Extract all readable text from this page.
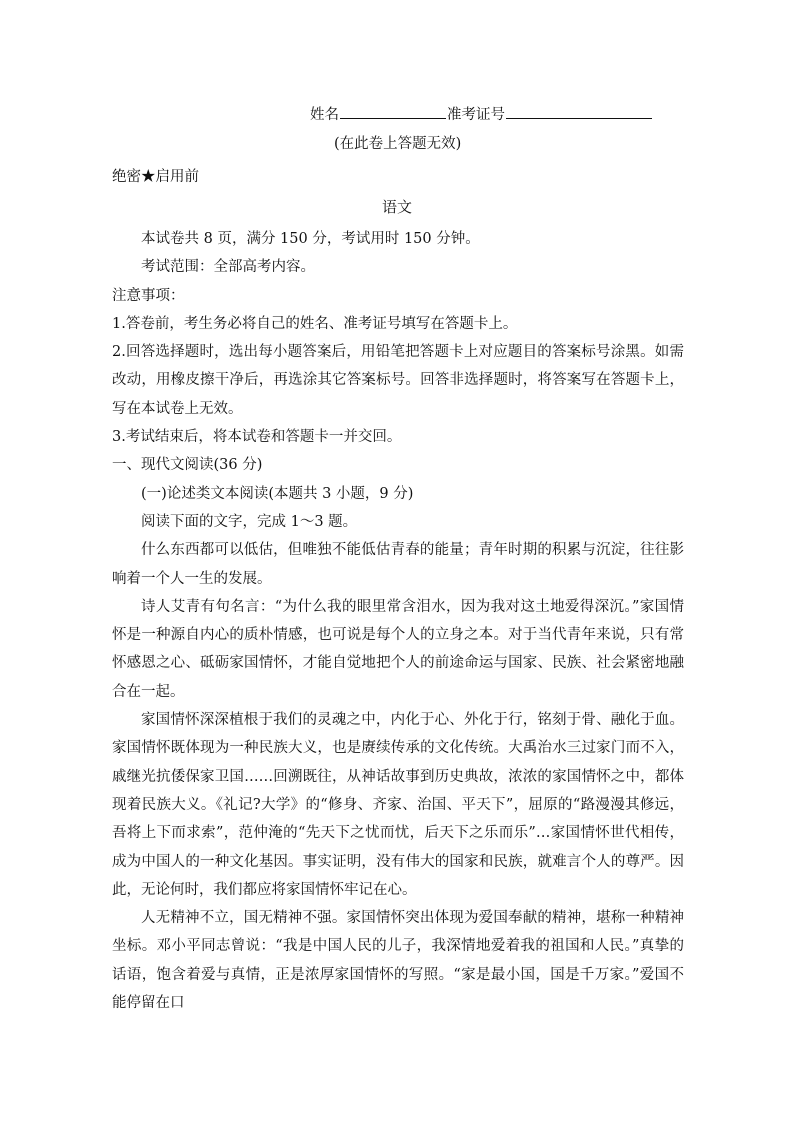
姓名	准考证号
(在此卷上答题无效)
绝密★启用前
语文

本试卷共 8 页，满分 150 分，考试用时 150 分钟。

考试范围：全部高考内容。

注意事项：

1.答卷前，考生务必将自己的姓名、准考证号填写在答题卡上。

2.回答选择题时，选出每小题答案后，用铅笔把答题卡上对应题目的答案标号涂黑。如需改动，用橡皮擦干净后，再选涂其它答案标号。回答非选择题时，将答案写在答题卡上，写在本试卷上无效。

3.考试结束后，将本试卷和答题卡一并交回。

一、现代文阅读(36 分)

(一)论述类文本阅读(本题共 3 小题，9 分)

阅读下面的文字，完成 1～3 题。

什么东西都可以低估，但唯独不能低估青春的能量；青年时期的积累与沉淀，往往影响着一个人一生的发展。

诗人艾青有句名言：“为什么我的眼里常含泪水，因为我对这土地爱得深沉。”家国情怀是一种源自内心的质朴情感，也可说是每个人的立身之本。对于当代青年来说，只有常怀感恩之心、砥砺家国情怀，才能自觉地把个人的前途命运与国家、民族、社会紧密地融合在一起。

家国情怀深深植根于我们的灵魂之中，内化于心、外化于行，铭刻于骨、融化于血。家国情怀既体现为一种民族大义，也是赓续传承的文化传统。大禹治水三过家门而不入，戚继光抗倭保家卫国……回溯既往，从神话故事到历史典故，浓浓的家国情怀之中，都体现着民族大义。《礼记?大学》的“修身、齐家、治国、平天下”，屈原的“路漫漫其修远，吾将上下而求索”，范仲淹的“先天下之忧而忧，后天下之乐而乐”…家国情怀世代相传，成为中国人的一种文化基因。事实证明，没有伟大的国家和民族，就难言个人的尊严。因此，无论何时，我们都应将家国情怀牢记在心。

人无精神不立，国无精神不强。家国情怀突出体现为爱国奉献的精神，堪称一种精神坐标。邓小平同志曾说：“我是中国人民的儿子，我深情地爱着我的祖国和人民。”真挚的话语，饱含着爱与真情，正是浓厚家国情怀的写照。“家是最小国，国是千万家。”爱国不能停留在口
